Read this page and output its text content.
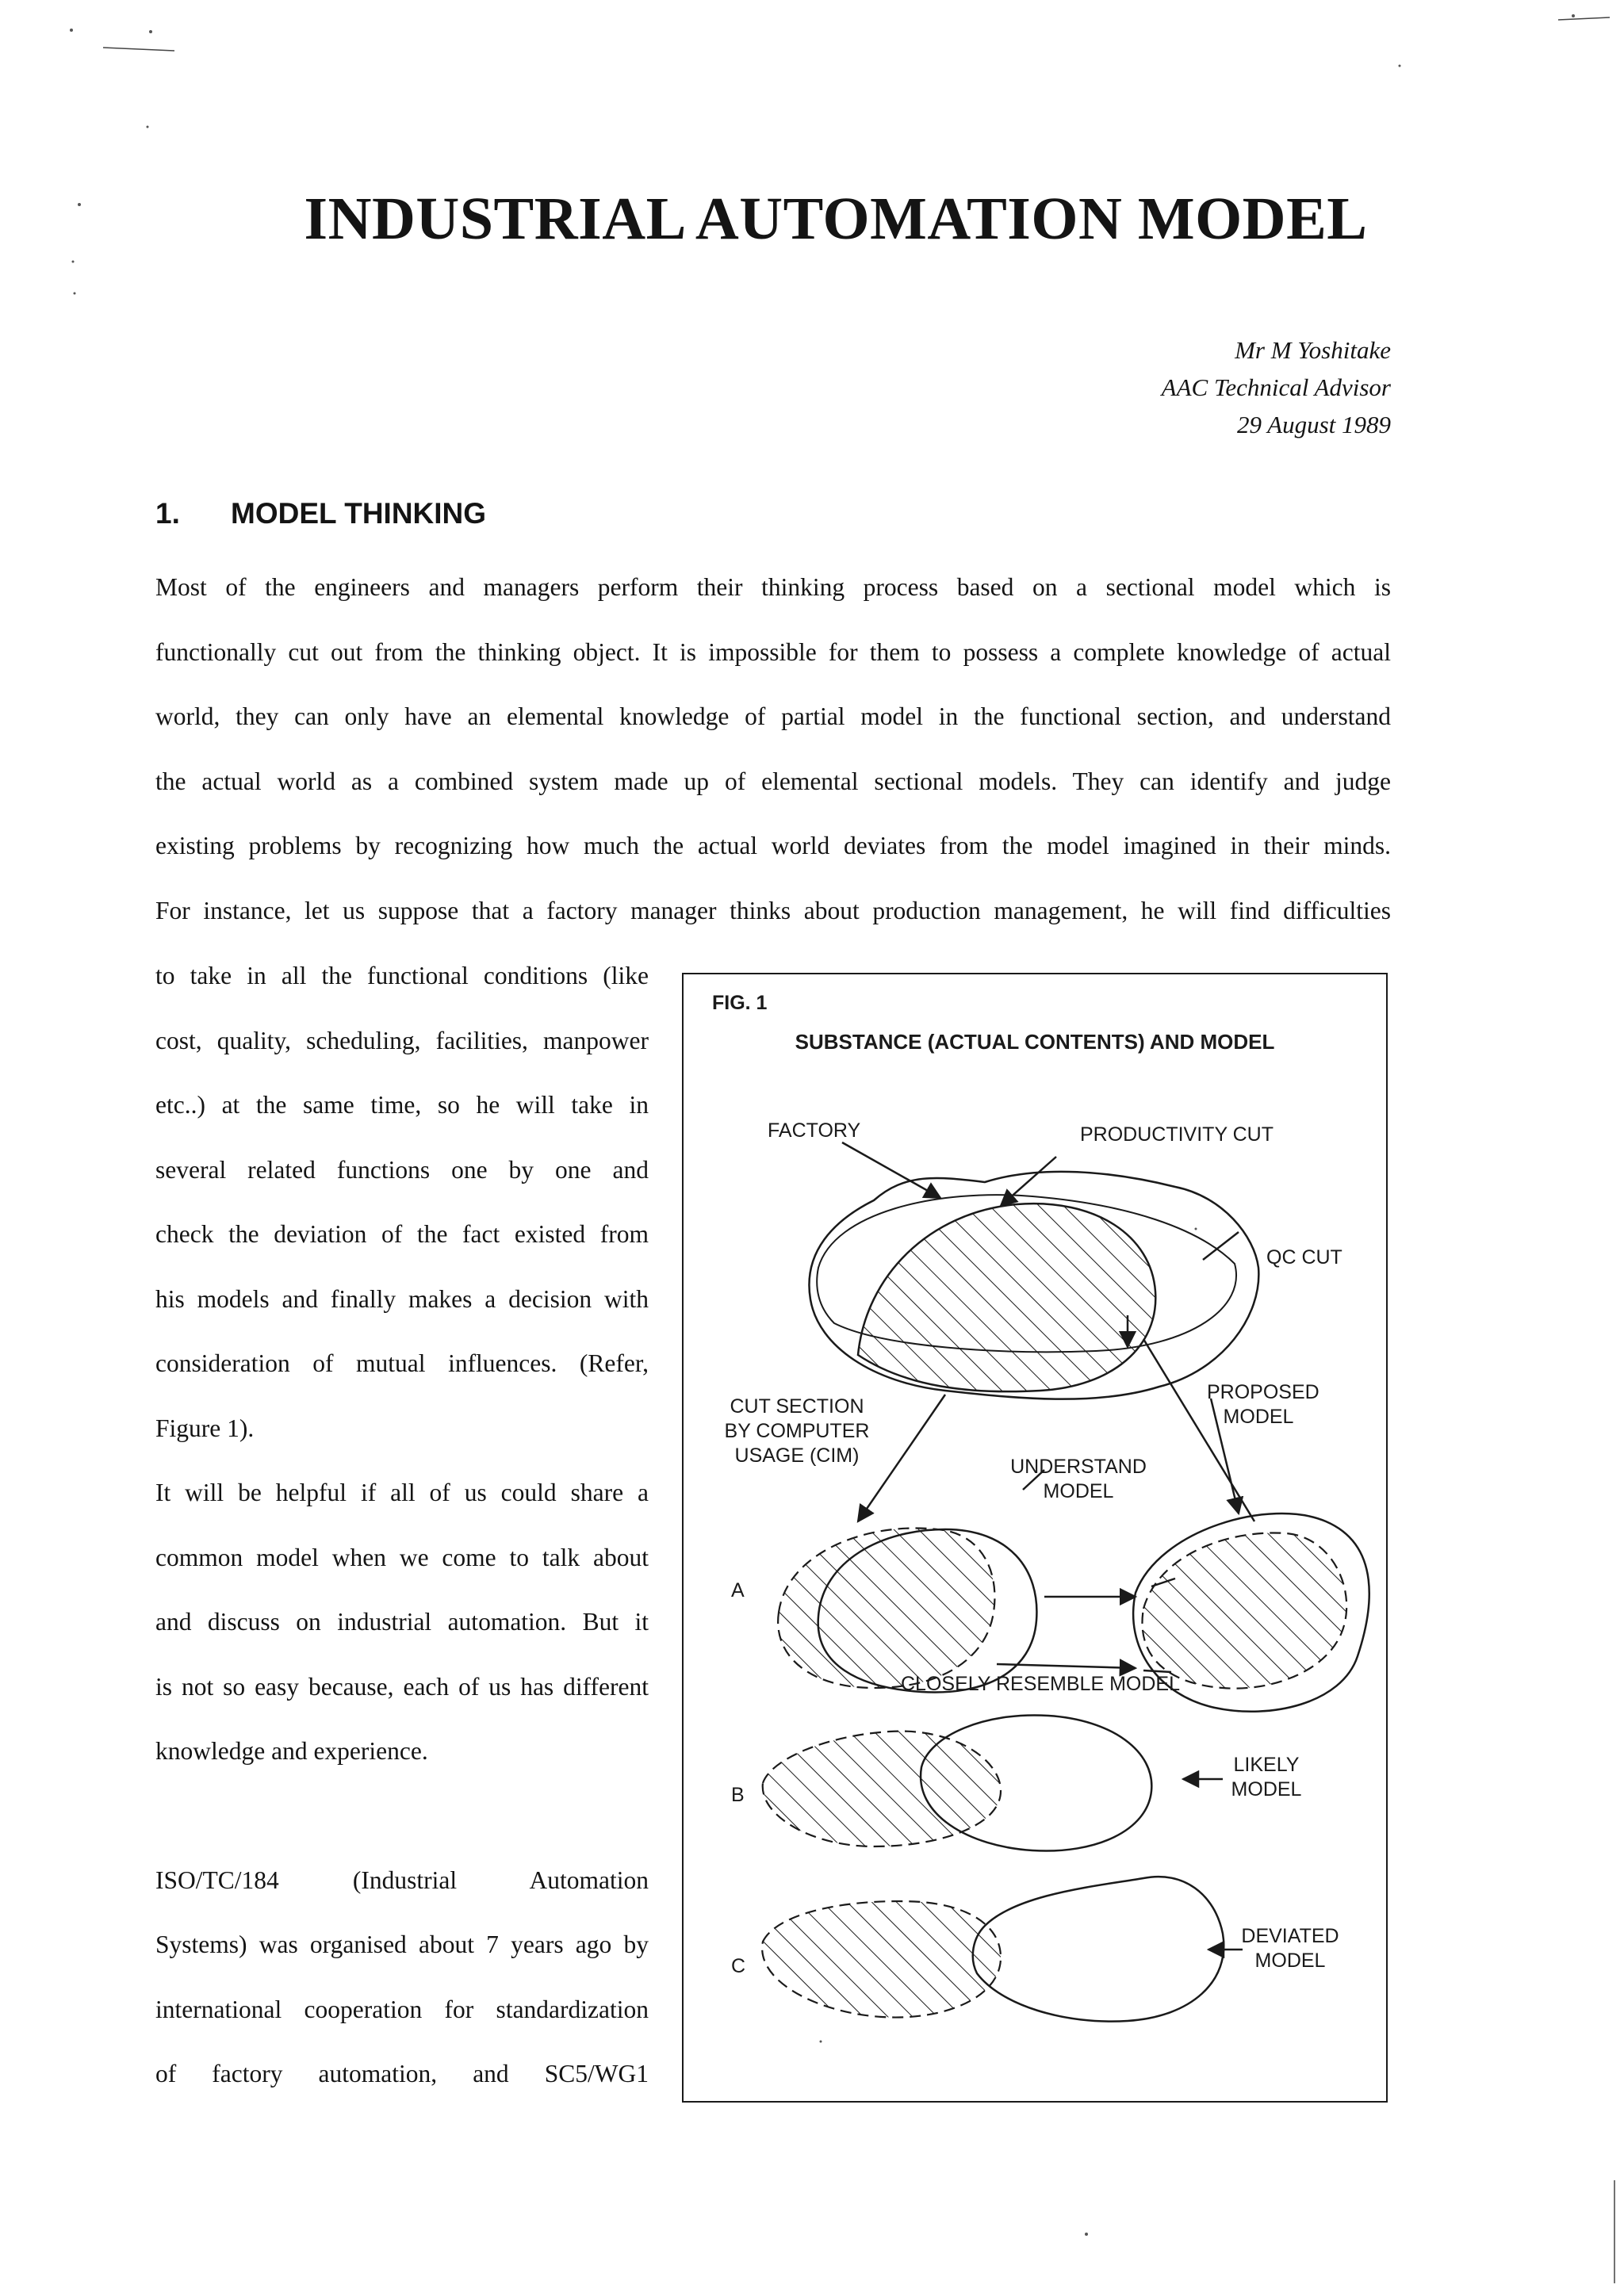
INDUSTRIAL AUTOMATION MODEL
Mr M Yoshitake
AAC Technical Advisor
29 August 1989
1. MODEL THINKING
Most of the engineers and managers perform their thinking process based on a sectional model which is
functionally cut out from the thinking object. It is impossible for them to possess a complete knowledge of actual
world, they can only have an elemental knowledge of partial model in the functional section, and understand
the actual world as a combined system made up of elemental sectional models. They can identify and judge
existing problems by recognizing how much the actual world deviates from the model imagined in their minds.
For instance, let us suppose that a factory manager thinks about production management, he will find difficulties
to take in all the functional conditions (like
cost, quality, scheduling, facilities, manpower
etc..) at the same time, so he will take in
several related functions one by one and
check the deviation of the fact existed from
his models and finally makes a decision with
consideration of mutual influences. (Refer,
Figure 1).
It will be helpful if all of us could share a
common model when we come to talk about
and discuss on industrial automation. But it
is not so easy because, each of us has different
knowledge and experience.
ISO/TC/184 (Industrial Automation
Systems) was organised about 7 years ago by
international cooperation for standardization
of factory automation, and SC5/WG1
FIG. 1
SUBSTANCE (ACTUAL CONTENTS) AND MODEL
FACTORY	PRODUCTIVITY CUT
QC CUT
PROPOSED
MODEL
CUT SECTION
BY COMPUTER
USAGE (CIM)	UNDERSTAND
MODEL
A
CLOSELY RESEMBLE MODEL
B
LIKELY
MODEL
C
DEVIATED
MODEL
